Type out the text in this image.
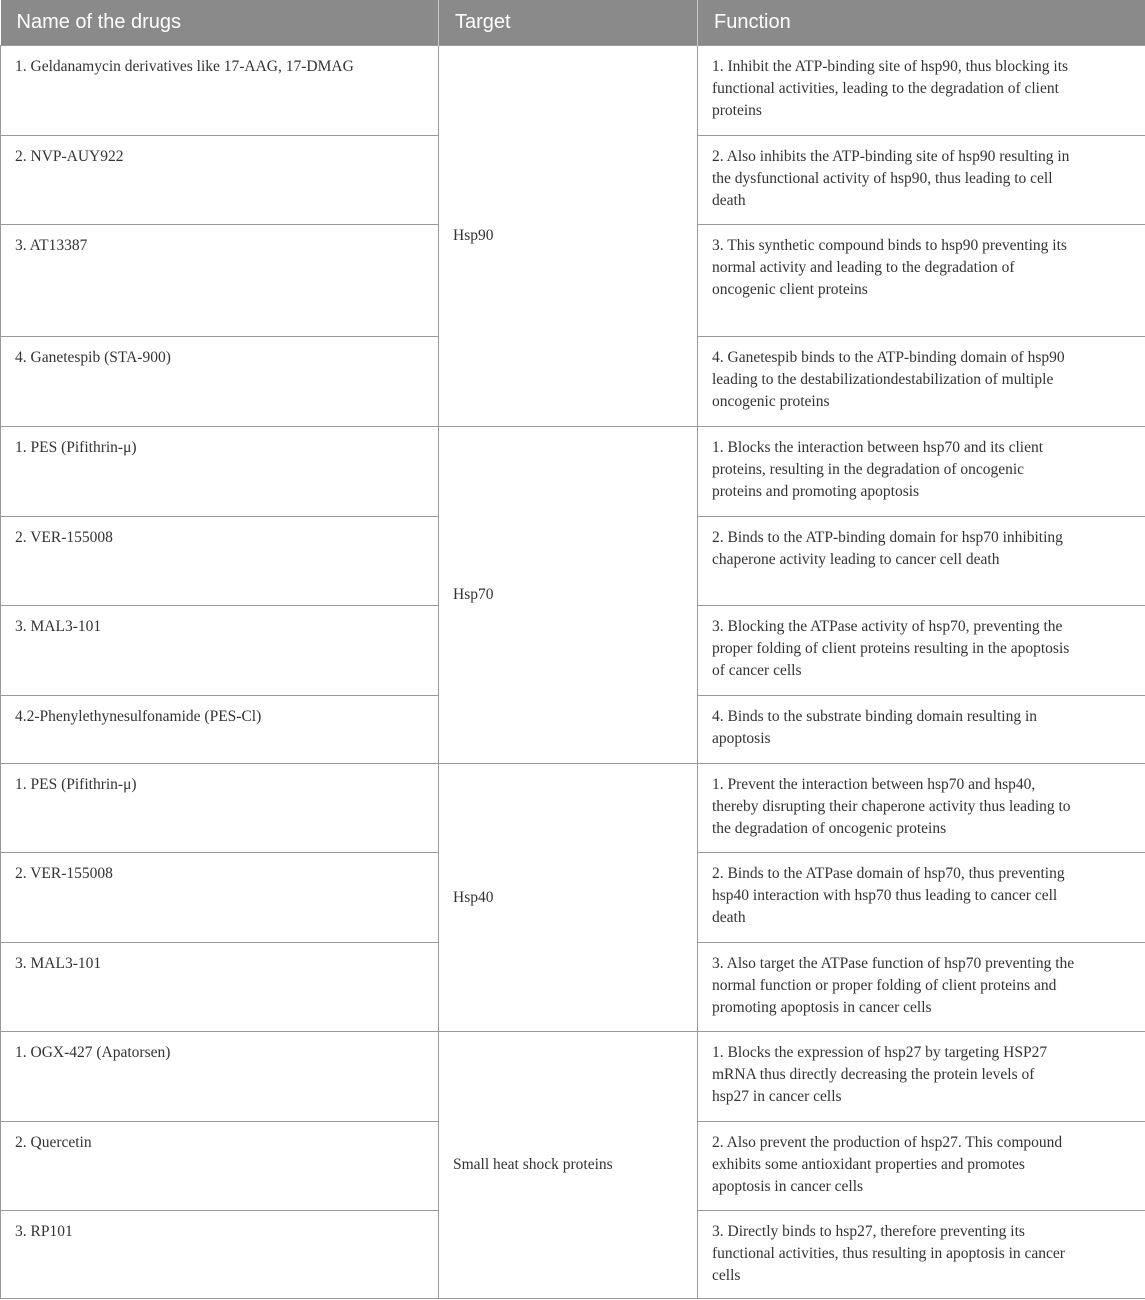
Name of the drugs	Target	Function
1. Geldanamycin derivatives like 17-AAG, 17-DMAG	Hsp90	1. Inhibit the ATP-binding site of hsp90, thus blocking its functional activities, leading to the degradation of client proteins
2. NVP-AUY922		2. Also inhibits the ATP-binding site of hsp90 resulting in the dysfunctional activity of hsp90, thus leading to cell death
3. AT13387		3. This synthetic compound binds to hsp90 preventing its normal activity and leading to the degradation of oncogenic client proteins
4. Ganetespib (STA-900)		4. Ganetespib binds to the ATP-binding domain of hsp90 leading to the destabilizationdestabilization of multiple oncogenic proteins
1. PES (Pifithrin-μ)	Hsp70	1. Blocks the interaction between hsp70 and its client proteins, resulting in the degradation of oncogenic proteins and promoting apoptosis
2. VER-155008		2. Binds to the ATP-binding domain for hsp70 inhibiting chaperone activity leading to cancer cell death
3. MAL3-101		3. Blocking the ATPase activity of hsp70, preventing the proper folding of client proteins resulting in the apoptosis of cancer cells
4.2-Phenylethynesulfonamide (PES-Cl)		4. Binds to the substrate binding domain resulting in apoptosis
1. PES (Pifithrin-μ)	Hsp40	1. Prevent the interaction between hsp70 and hsp40, thereby disrupting their chaperone activity thus leading to the degradation of oncogenic proteins
2. VER-155008		2. Binds to the ATPase domain of hsp70, thus preventing hsp40 interaction with hsp70 thus leading to cancer cell death
3. MAL3-101		3. Also target the ATPase function of hsp70 preventing the normal function or proper folding of client proteins and promoting apoptosis in cancer cells
1. OGX-427 (Apatorsen)	Small heat shock proteins	1. Blocks the expression of hsp27 by targeting HSP27 mRNA thus directly decreasing the protein levels of hsp27 in cancer cells
2. Quercetin		2. Also prevent the production of hsp27. This compound exhibits some antioxidant properties and promotes apoptosis in cancer cells
3. RP101		3. Directly binds to hsp27, therefore preventing its functional activities, thus resulting in apoptosis in cancer cells
